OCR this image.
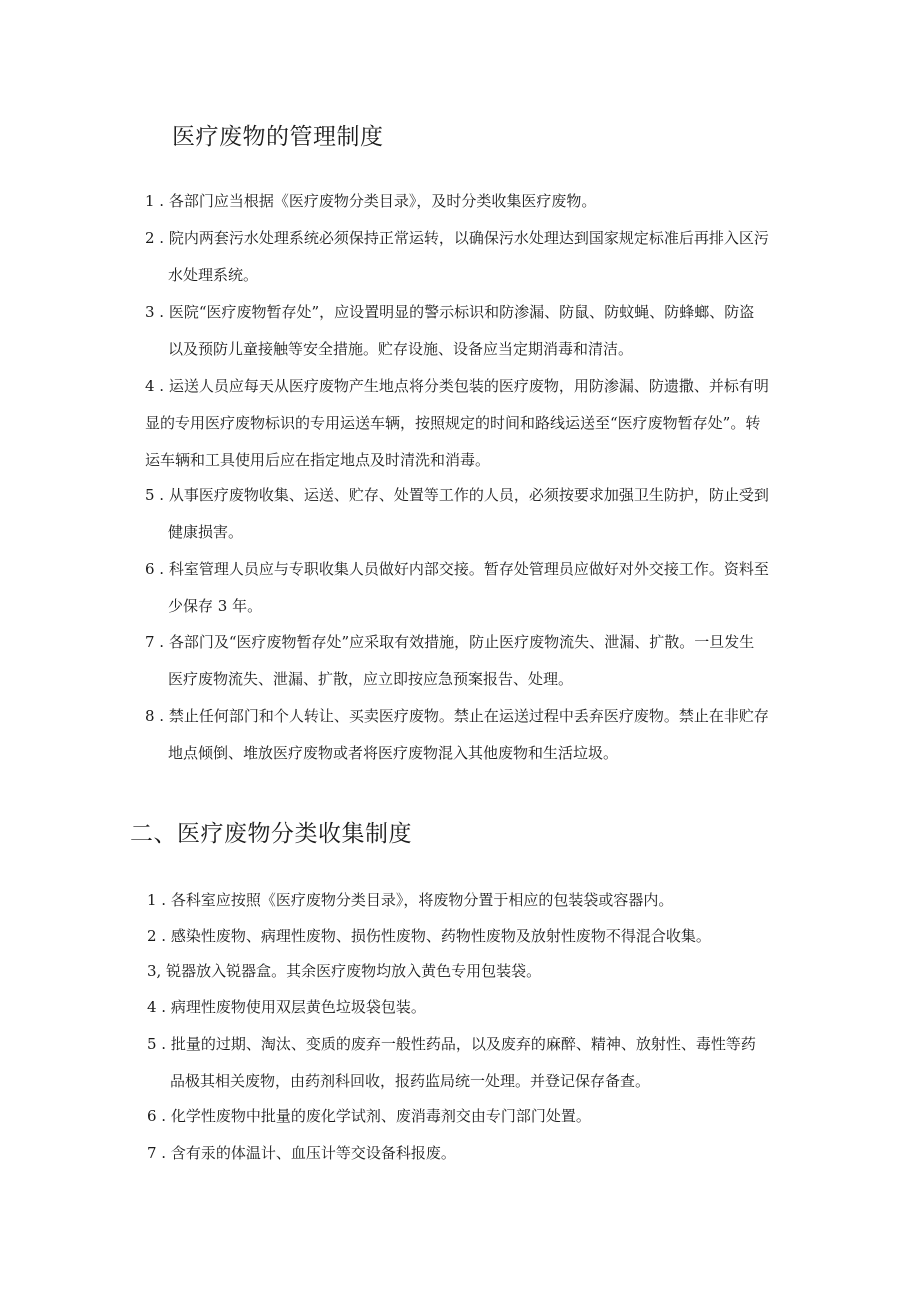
医疗废物的管理制度
1 . 各部门应当根据《医疗废物分类目录》，及时分类收集医疗废物。
2 . 院内两套污水处理系统必须保持正常运转，以确保污水处理达到国家规定标准后再排入区污
水处理系统。
3 . 医院“医疗废物暂存处”，应设置明显的警示标识和防渗漏、防鼠、防蚊蝇、防蜂螂、防盗
以及预防儿童接触等安全措施。贮存设施、设备应当定期消毒和清洁。
4 . 运送人员应每天从医疗废物产生地点将分类包装的医疗废物，用防渗漏、防遗撒、并标有明
显的专用医疗废物标识的专用运送车辆，按照规定的时间和路线运送至“医疗废物暂存处”。转
运车辆和工具使用后应在指定地点及时清洗和消毒。
5 . 从事医疗废物收集、运送、贮存、处置等工作的人员，必须按要求加强卫生防护，防止受到
健康损害。
6 . 科室管理人员应与专职收集人员做好内部交接。暂存处管理员应做好对外交接工作。资料至
少保存 3 年。
7 . 各部门及“医疗废物暂存处”应采取有效措施，防止医疗废物流失、泄漏、扩散。一旦发生
医疗废物流失、泄漏、扩散，应立即按应急预案报告、处理。
8 . 禁止任何部门和个人转让、买卖医疗废物。禁止在运送过程中丢弃医疗废物。禁止在非贮存
地点倾倒、堆放医疗废物或者将医疗废物混入其他废物和生活垃圾。
二、医疗废物分类收集制度
1 . 各科室应按照《医疗废物分类目录》，将废物分置于相应的包装袋或容器内。
2 . 感染性废物、病理性废物、损伤性废物、药物性废物及放射性废物不得混合收集。
3, 锐器放入锐器盒。其余医疗废物均放入黄色专用包装袋。
4 . 病理性废物使用双层黄色垃圾袋包装。
5 . 批量的过期、淘汰、变质的废弃一般性药品，以及废弃的麻醉、精神、放射性、毒性等药
品极其相关废物，由药剂科回收，报药监局统一处理。并登记保存备查。
6 . 化学性废物中批量的废化学试剂、废消毒剂交由专门部门处置。
7 . 含有汞的体温计、血压计等交设备科报废。
